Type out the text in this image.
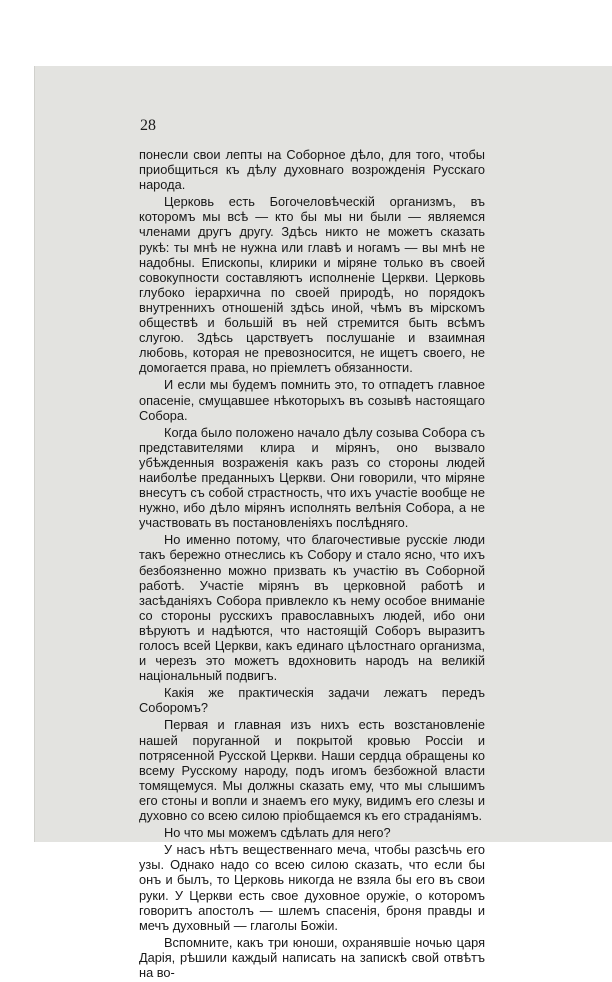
28

понесли свои лепты на Соборное дѣло, для того, чтобы приобщиться къ дѣлу духовнаго возрожденія Русскаго народа.

Церковь есть Богочеловѣческій организмъ, въ которомъ мы всѣ — кто бы мы ни были — являемся членами другъ другу. Здѣсь никто не можетъ сказать рукѣ: ты мнѣ не нужна или главѣ и ногамъ — вы мнѣ не надобны. Епископы, клирики и міряне только въ своей совокупности составляютъ исполненіе Церкви. Церковь глубоко іерархична по своей природѣ, но порядокъ внутреннихъ отношеній здѣсь иной, чѣмъ въ мірскомъ обществѣ и большій въ ней стремится быть всѣмъ слугою. Здѣсь царствуетъ послушаніе и взаимная любовь, которая не превозносится, не ищетъ своего, не домогается права, но пріемлетъ обязанности.

И если мы будемъ помнить это, то отпадетъ главное опасеніе, смущавшее нѣкоторыхъ въ созывѣ настоящаго Собора.

Когда было положено начало дѣлу созыва Собора съ представителями клира и мірянъ, оно вызвало убѣжденныя возраженія какъ разъ со стороны людей наиболѣе преданныхъ Церкви. Они говорили, что міряне внесутъ съ собой страстность, что ихъ участіе вообще не нужно, ибо дѣло мірянъ исполнять велѣнія Собора, а не участвовать въ постановленіяхъ послѣдняго.

Но именно потому, что благочестивые русскіе люди такъ бережно отнеслись къ Собору и стало ясно, что ихъ безбоязненно можно призвать къ участію въ Соборной работѣ. Участіе мірянъ въ церковной работѣ и засѣданіяхъ Собора привлекло къ нему особое вниманіе со стороны русскихъ православныхъ людей, ибо они вѣруютъ и надѣются, что настоящій Соборъ выразитъ голосъ всей Церкви, какъ единаго цѣлостнаго организма, и черезъ это можетъ вдохновить народъ на великій національный подвигъ.

Какія же практическія задачи лежатъ передъ Соборомъ?

Первая и главная изъ нихъ есть возстановленіе нашей поруганной и покрытой кровью Россіи и потрясенной Русской Церкви. Наши сердца обращены ко всему Русскому народу, подъ игомъ безбожной власти томящемуся. Мы должны сказать ему, что мы слышимъ его стоны и вопли и знаемъ его муку, видимъ его слезы и духовно со всею силою пріобщаемся къ его страданіямъ.

Но что мы можемъ сдѣлать для него?

У насъ нѣтъ вещественнаго меча, чтобы разсѣчь его узы. Однако надо со всею силою сказать, что если бы онъ и былъ, то Церковь никогда не взяла бы его въ свои руки. У Церкви есть свое духовное оружіе, о которомъ говоритъ апостолъ — шлемъ спасенія, броня правды и мечъ духовный — глаголы Божіи.

Вспомните, какъ три юноши, охранявшіе ночью царя Дарія, рѣшили каждый написать на запискѣ свой отвѣтъ на во-
